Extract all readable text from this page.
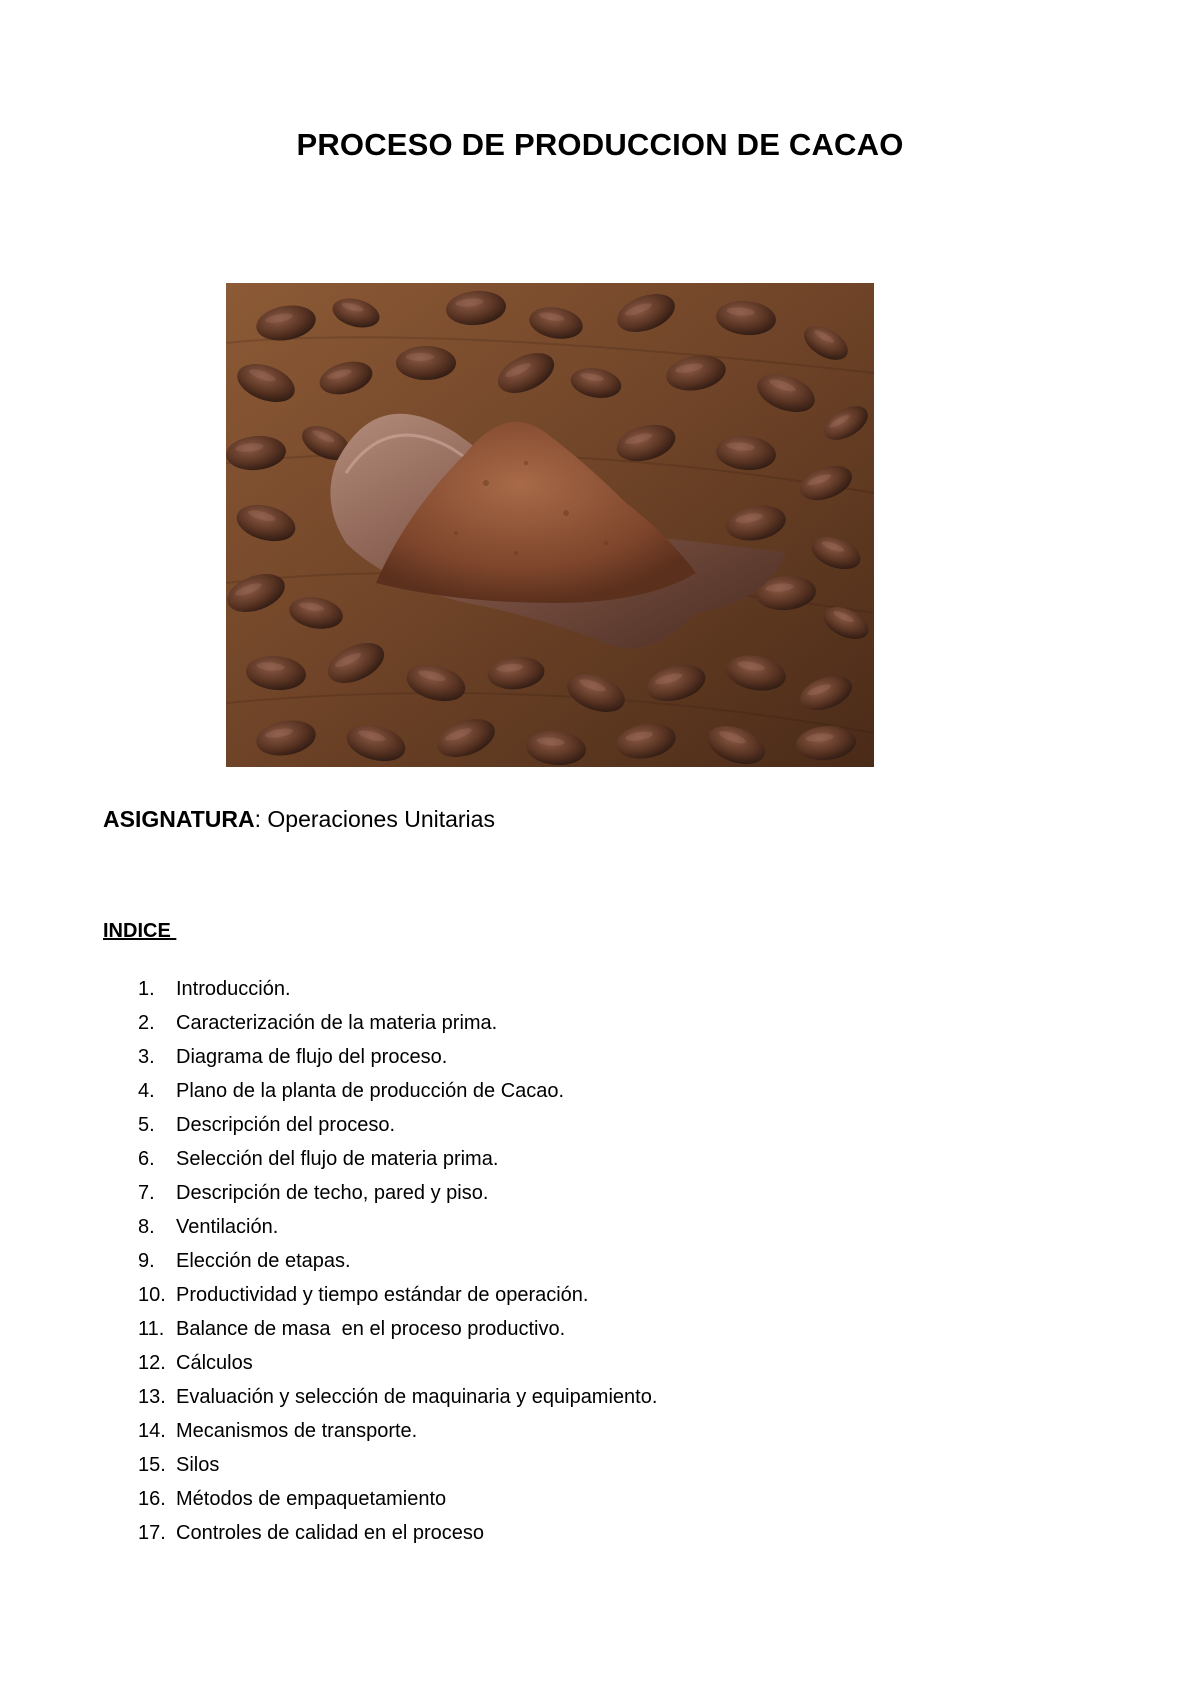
PROCESO DE PRODUCCION DE CACAO
ASIGNATURA: Operaciones Unitarias
INDICE
1.	Introducción.
2.	Caracterización de la materia prima.
3.	Diagrama de flujo del proceso.
4.	Plano de la planta de producción de Cacao.
5.	Descripción del proceso.
6.	Selección del flujo de materia prima.
7.	Descripción de techo, pared y piso.
8.	Ventilación.
9.	Elección de etapas.
10. Productividad y tiempo estándar de operación.
11. Balance de masa  en el proceso productivo.
12. Cálculos
13. Evaluación y selección de maquinaria y equipamiento.
14. Mecanismos de transporte.
15. Silos
16. Métodos de empaquetamiento
17. Controles de calidad en el proceso
